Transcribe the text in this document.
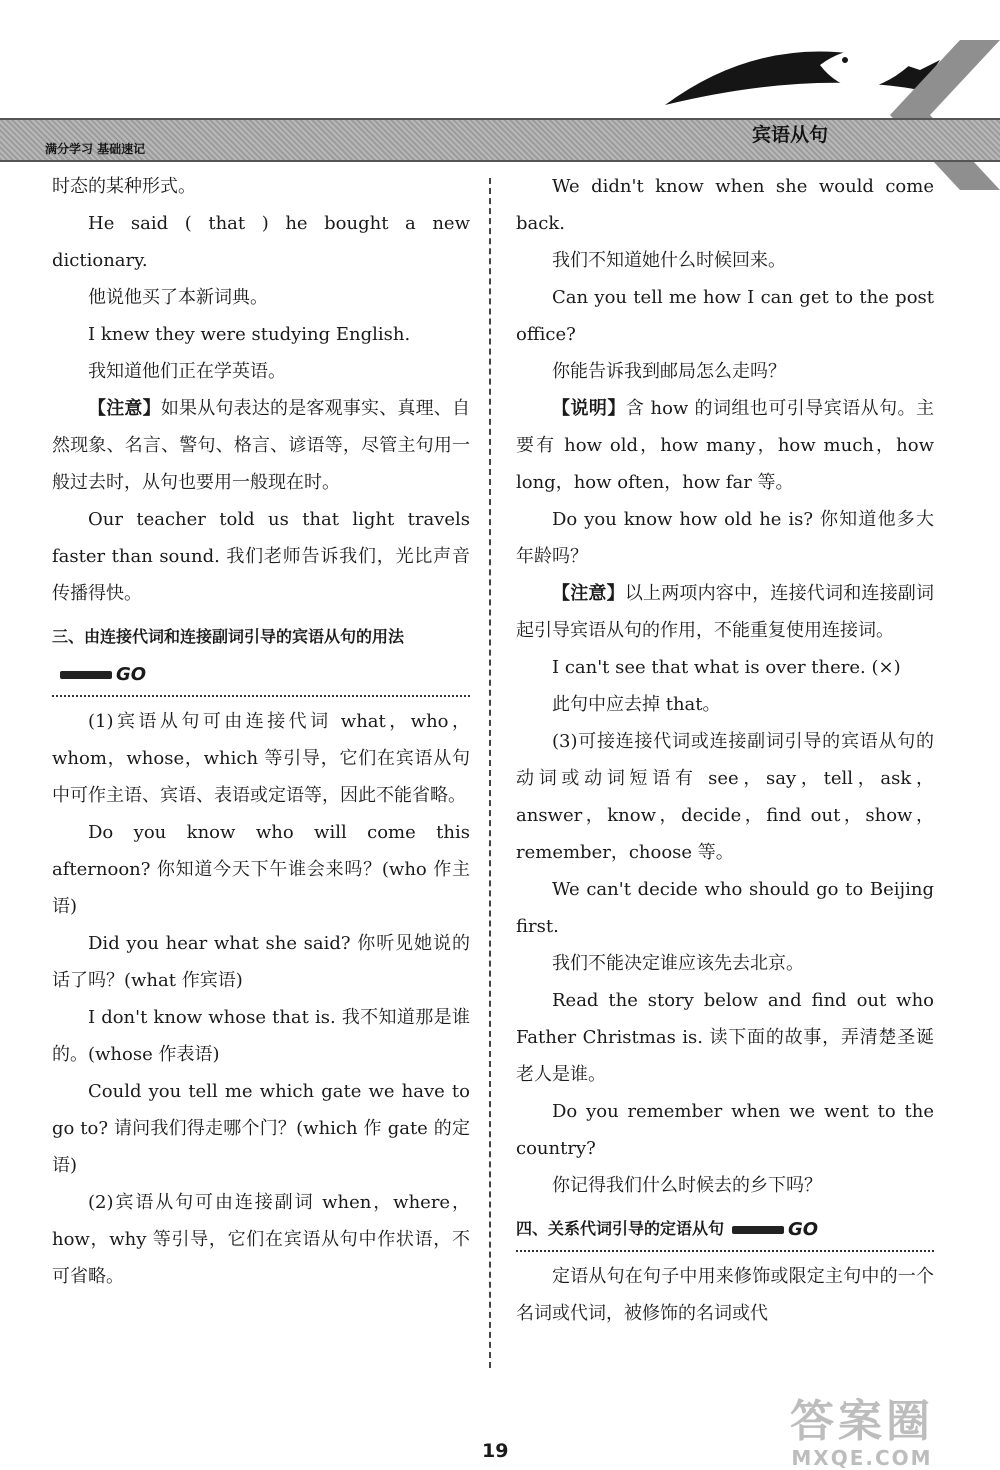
满分学习 基础速记
宾语从句

时态的某种形式。

He said ( that ) he bought a new dictionary.

他说他买了本新词典。

I knew they were studying English.

我知道他们正在学英语。

【注意】如果从句表达的是客观事实、真理、自然现象、名言、警句、格言、谚语等，尽管主句用一般过去时，从句也要用一般现在时。

Our teacher told us that light travels faster than sound. 我们老师告诉我们，光比声音传播得快。

三、由连接代词和连接副词引导的宾语从句的用法GO

(1)宾语从句可由连接代词 what，who，whom，whose，which 等引导，它们在宾语从句中可作主语、宾语、表语或定语等，因此不能省略。

Do you know who will come this afternoon? 你知道今天下午谁会来吗？(who 作主语)

Did you hear what she said? 你听见她说的话了吗？(what 作宾语)

I don't know whose that is. 我不知道那是谁的。(whose 作表语)

Could you tell me which gate we have to go to? 请问我们得走哪个门？(which 作 gate 的定语)

(2)宾语从句可由连接副词 when，where，how，why 等引导，它们在宾语从句中作状语，不可省略。

We didn't know when she would come back.

我们不知道她什么时候回来。

Can you tell me how I can get to the post office?

你能告诉我到邮局怎么走吗？

【说明】含 how 的词组也可引导宾语从句。主要有 how old，how many，how much，how long，how often，how far 等。

Do you know how old he is? 你知道他多大年龄吗？

【注意】以上两项内容中，连接代词和连接副词起引导宾语从句的作用，不能重复使用连接词。

I can't see that what is over there. (×)

此句中应去掉 that。

(3)可接连接代词或连接副词引导的宾语从句的动词或动词短语有 see，say，tell，ask，answer，know，decide，find out，show，remember，choose 等。

We can't decide who should go to Beijing first.

我们不能决定谁应该先去北京。

Read the story below and find out who Father Christmas is. 读下面的故事，弄清楚圣诞老人是谁。

Do you remember when we went to the country?

你记得我们什么时候去的乡下吗？

四、关系代词引导的定语从句	GO

定语从句在句子中用来修饰或限定主句中的一个名词或代词，被修饰的名词或代

19
答案圈
MXQE.COM
